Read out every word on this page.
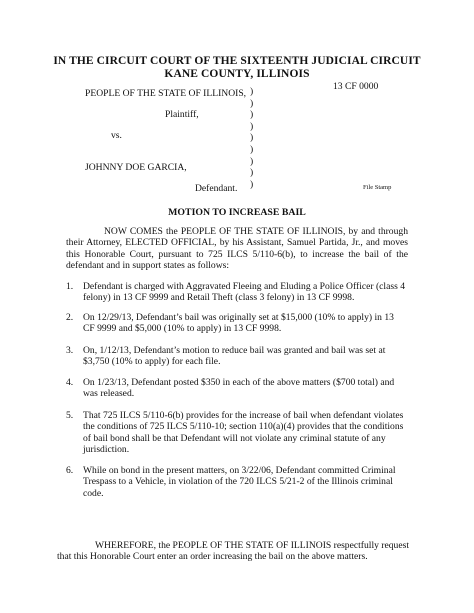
IN THE CIRCUIT COURT OF THE SIXTEENTH JUDICIAL CIRCUIT
KANE COUNTY, ILLINOIS
13 CF 0000
PEOPLE OF THE STATE OF ILLINOIS,
Plaintiff,
vs.
JOHNNY DOE GARCIA,
Defendant.	File Stamp
)
)
)
)
)
)
)
)
)
MOTION TO INCREASE BAIL
NOW COMES the PEOPLE OF THE STATE OF ILLINOIS, by and through their Attorney, ELECTED OFFICIAL, by his Assistant, Samuel Partida, Jr., and moves this Honorable Court, pursuant to 725 ILCS 5/110-6(b), to increase the bail of the defendant and in support states as follows:
1. Defendant is charged with Aggravated Fleeing and Eluding a Police Officer (class 4 felony) in 13 CF 9999 and Retail Theft (class 3 felony) in 13 CF 9998.
2. On 12/29/13, Defendant’s bail was originally set at $15,000 (10% to apply) in 13 CF 9999 and $5,000 (10% to apply) in 13 CF 9998.
3. On, 1/12/13, Defendant’s motion to reduce bail was granted and bail was set at $3,750 (10% to apply) for each file.
4. On 1/23/13, Defendant posted $350 in each of the above matters ($700 total) and was released.
5. That 725 ILCS 5/110-6(b) provides for the increase of bail when defendant violates the conditions of 725 ILCS 5/110-10; section 110(a)(4) provides that the conditions of bail bond shall be that Defendant will not violate any criminal statute of any jurisdiction.
6. While on bond in the present matters, on 3/22/06, Defendant committed Criminal Trespass to a Vehicle, in violation of the 720 ILCS 5/21-2 of the Illinois criminal code.
WHEREFORE, the PEOPLE OF THE STATE OF ILLINOIS respectfully request that this Honorable Court enter an order increasing the bail on the above matters.
